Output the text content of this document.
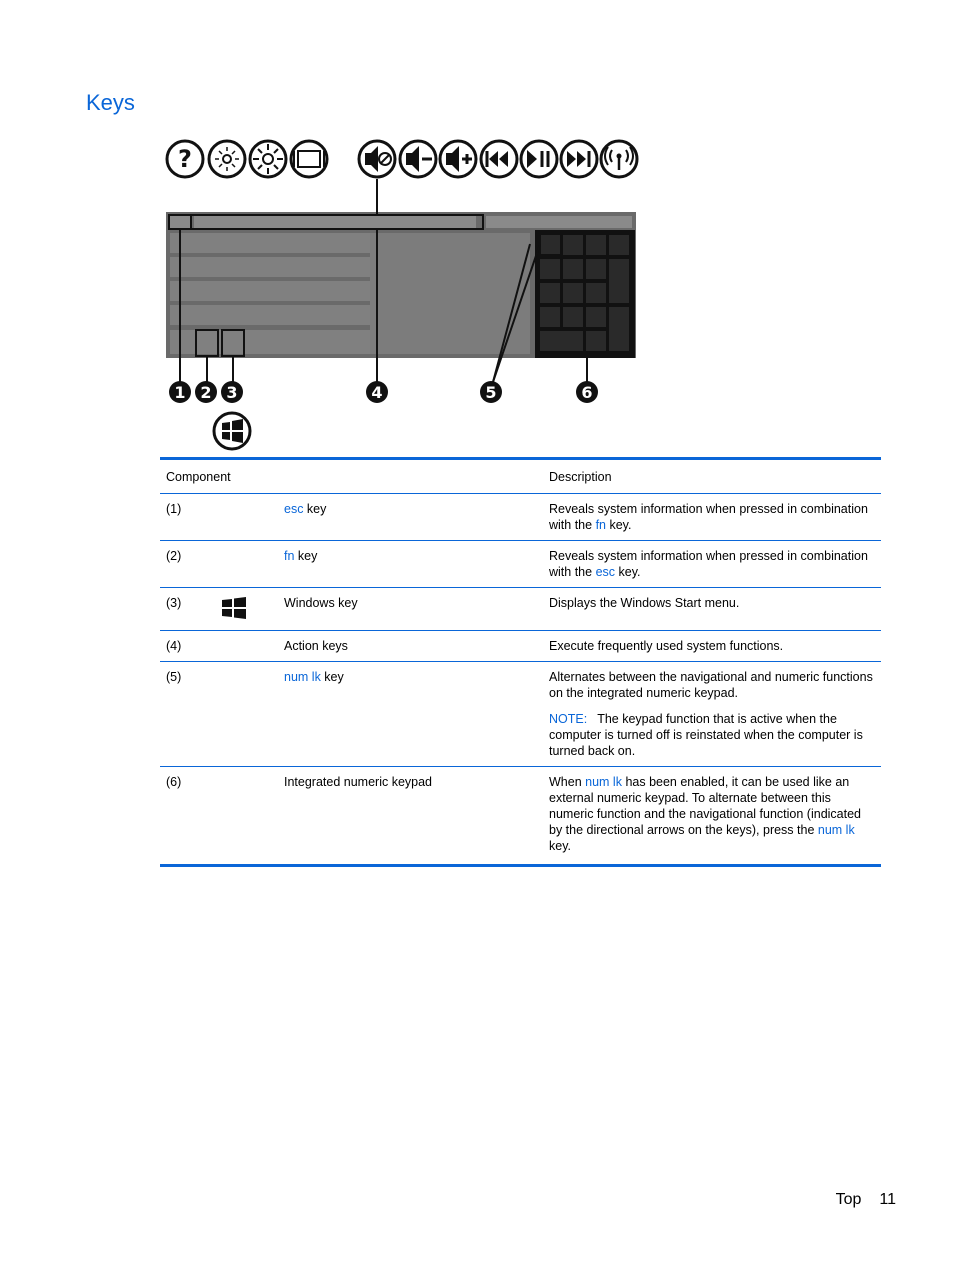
Keys
?
1 2 3	4	5	6
Component			Description
(1)		esc key	Reveals system information when pressed in combination with the fn key.

(2)		fn key	Reveals system information when pressed in combination with the esc key.

(3)		Windows key	Displays the Windows Start menu.

(4)		Action keys	Execute frequently used system functions.

(5)		num lk key	Alternates between the navigational and numeric functions on the integrated numeric keypad.

NOTE: The keypad function that is active when the computer is turned off is reinstated when the computer is turned back on.

(6)		Integrated numeric keypad	When num lk has been enabled, it can be used like an external numeric keypad. To alternate between this numeric function and the navigational function (indicated by the directional arrows on the keys), press the num lk key.

Top 11
